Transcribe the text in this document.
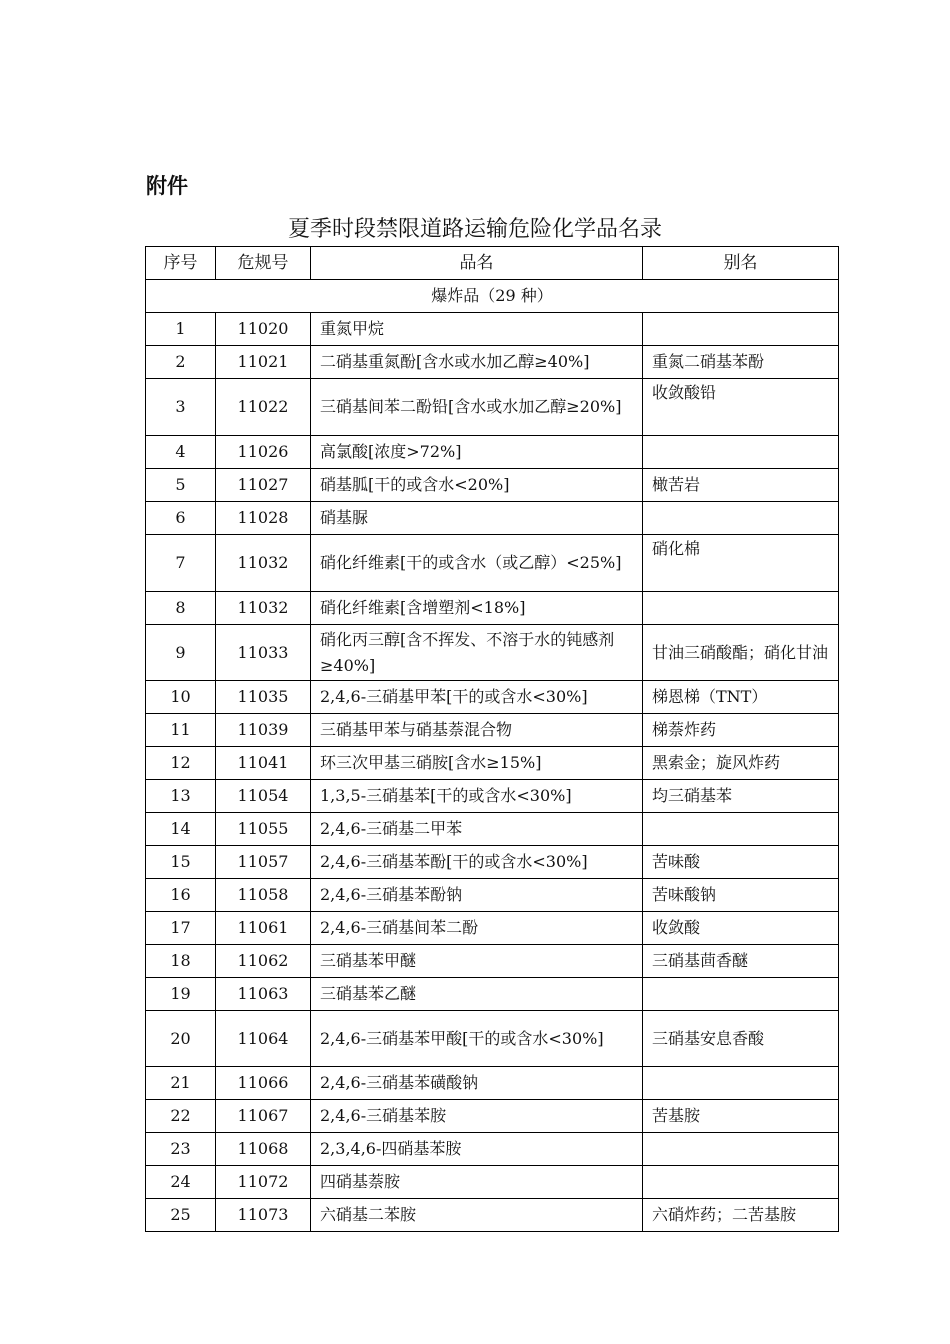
附件
夏季时段禁限道路运输危险化学品名录
序号	危规号	品名	别名
爆炸品（29 种）			
1	11020	重氮甲烷	
2	11021	二硝基重氮酚[含水或水加乙醇≥40%]	重氮二硝基苯酚
3	11022	三硝基间苯二酚铅[含水或水加乙醇≥20%]	收敛酸铅
4	11026	高氯酸[浓度>72%]	
5	11027	硝基胍[干的或含水<20%]	橄苦岩
6	11028	硝基脲	
7	11032	硝化纤维素[干的或含水（或乙醇）<25%]	硝化棉
8	11032	硝化纤维素[含增塑剂<18%]	
9	11033	硝化丙三醇[含不挥发、不溶于水的钝感剂≥40%]	甘油三硝酸酯；硝化甘油
10	11035	2,4,6-三硝基甲苯[干的或含水<30%]	梯恩梯（TNT）
11	11039	三硝基甲苯与硝基萘混合物	梯萘炸药
12	11041	环三次甲基三硝胺[含水≥15%]	黑索金；旋风炸药
13	11054	1,3,5-三硝基苯[干的或含水<30%]	均三硝基苯
14	11055	2,4,6-三硝基二甲苯	
15	11057	2,4,6-三硝基苯酚[干的或含水<30%]	苦味酸
16	11058	2,4,6-三硝基苯酚钠	苦味酸钠
17	11061	2,4,6-三硝基间苯二酚	收敛酸
18	11062	三硝基苯甲醚	三硝基茴香醚
19	11063	三硝基苯乙醚	
20	11064	2,4,6-三硝基苯甲酸[干的或含水<30%]	三硝基安息香酸
21	11066	2,4,6-三硝基苯磺酸钠	
22	11067	2,4,6-三硝基苯胺	苦基胺
23	11068	2,3,4,6-四硝基苯胺	
24	11072	四硝基萘胺	
25	11073	六硝基二苯胺	六硝炸药；二苦基胺
